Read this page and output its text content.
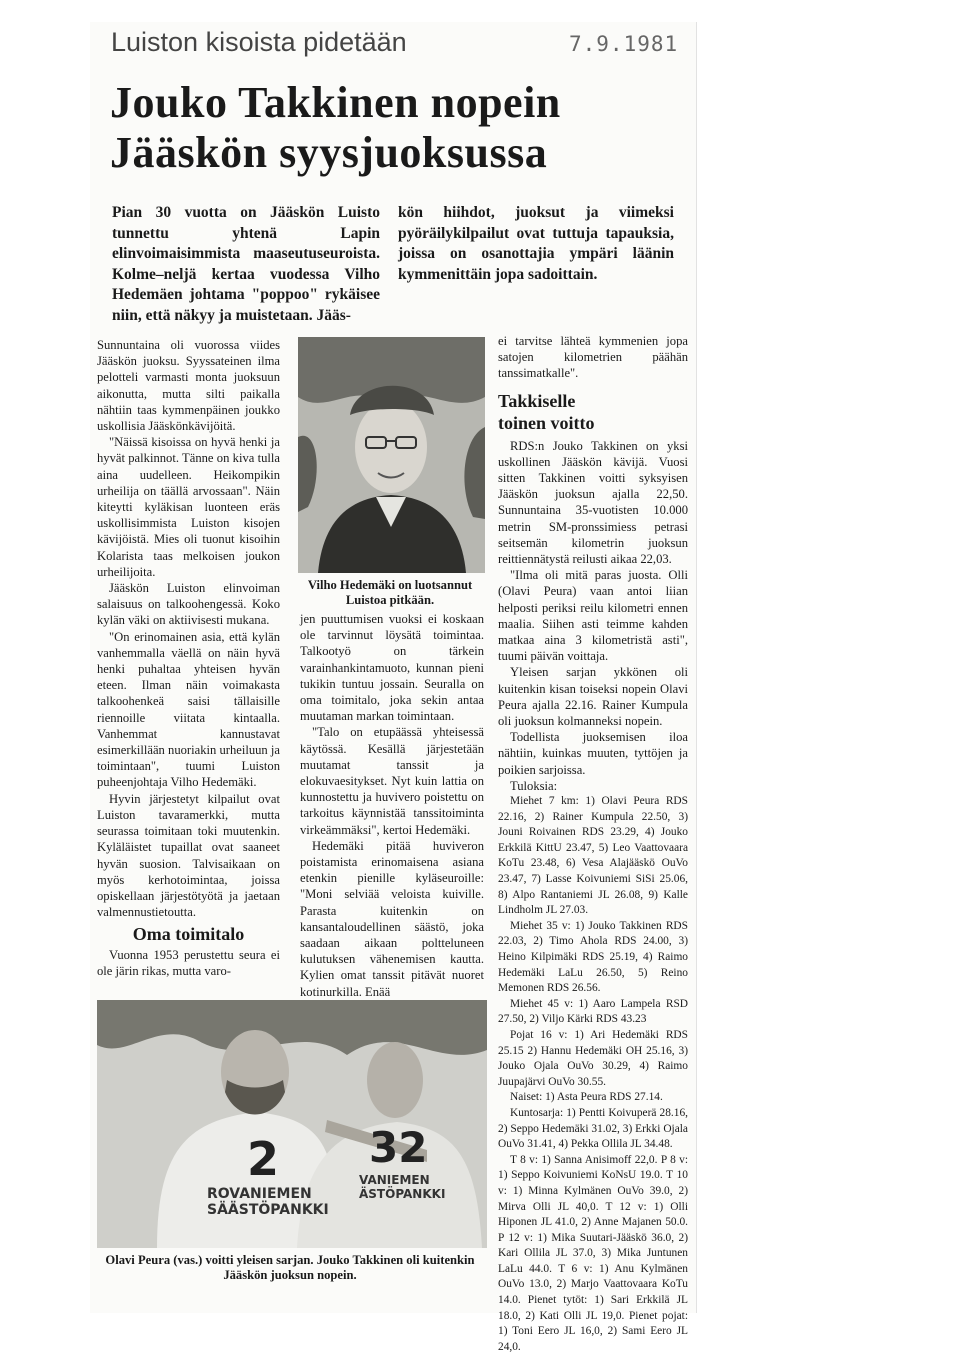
Luiston kisoista pidetään	7.9.1981
Jouko Takkinen nopein
Jääskön syysjuoksussa

Pian 30 vuotta on Jääskön Luisto tunnettu yhtenä Lapin elinvoimaisimmista maaseutuseuroista. Kolme–neljä kertaa vuodessa Vilho Hedemäen johtama "poppoo" rykäisee niin, että näkyy ja muistetaan. Jääs-

kön hiihdot, juoksut ja viimeksi pyöräilykilpailut ovat tuttuja tapauksia, joissa on osanottajia ympäri läänin kymmenittäin jopa sadoittain.

Sunnuntaina oli vuorossa viides Jääskön juoksu. Syyssateinen ilma pelotteli varmasti monta juoksuun aikonutta, mutta silti paikalla nähtiin taas kymmenpäinen joukko uskollisia Jääskönkävijöitä.

"Näissä kisoissa on hyvä henki ja hyvät palkinnot. Tänne on kiva tulla aina uudelleen. Heikompikin urheilija on täällä arvossaan". Näin kiteytti kyläkisan luonteen eräs uskollisimmista Luiston kisojen kävijöistä. Mies oli tuonut kisoihin Kolarista taas melkoisen joukon urheilijoita.

Jääskön Luiston elinvoiman salaisuus on talkoohengessä. Koko kylän väki on aktiivisesti mukana.

"On erinomainen asia, että kylän vanhemmalla väellä on näin hyvä henki puhaltaa yhteisen hyvän eteen. Ilman näin voimakasta talkoohenkeä saisi tällaisille riennoille viitata kintaalla. Vanhemmat kannustavat esimerkillään nuoriakin urheiluun ja toimintaan", tuumi Luiston puheenjohtaja Vilho Hedemäki.

Hyvin järjestetyt kilpailut ovat Luiston tavaramerkki, mutta seurassa toimitaan toki muutenkin. Kyläläistet tupaillat ovat saaneet hyvän suosion. Talvisaikaan on myös kerhotoimintaa, joissa opiskellaan järjestötyötä ja jaetaan valmennustietoutta.

Oma toimitalo

Vuonna 1953 perustettu seura ei ole järin rikas, mutta varo-

Vilho Hedemäki on luotsannut Luistoa pitkään.

jen puuttumisen vuoksi ei koskaan ole tarvinnut löysätä toimintaa. Talkootyö on tärkein varainhankintamuoto, kunnan pieni tukikin tuntuu jossain. Seuralla on oma toimitalo, joka sekin antaa muutaman markan toimintaan.

"Talo on etupäässä yhteisessä käytössä. Kesällä järjestetään muutamat tanssit ja elokuvaesitykset. Nyt kuin lattia on kunnostettu ja huvivero poistettu on tarkoitus käynnistää tanssitoiminta virkeämmäksi", kertoi Hedemäki.

Hedemäki pitää huviveron poistamista erinomaisena asiana etenkin pienille kyläseuroille: "Moni selviää veloista kuiville. Parasta kuitenkin on kansantaloudellinen säästö, joka saadaan aikaan poltteluneen kulutuksen vähenemisen kautta. Kylien omat tanssit pitävät nuoret kotinurkilla. Enää

ei tarvitse lähteä kymmenien jopa satojen kilometrien päähän tanssimatkalle".

Takkiselle
toinen voitto

RDS:n Jouko Takkinen on yksi uskollinen Jääskön kävijä. Vuosi sitten Takkinen voitti syksyisen Jääskön juoksun ajalla 22,50. Sunnuntaina 35-vuotisten 10.000 metrin SM-pronssimiess petrasi seitsemän kilometrin juoksun reittiennätystä reilusti aikaa 22,03.

"Ilma oli mitä paras juosta. Olli (Olavi Peura) vaan antoi liian helposti periksi reilu kilometri ennen maalia. Siihen asti teimme kahden matkaa aina 3 kilometristä asti", tuumi päivän voittaja.

Yleisen sarjan ykkönen oli kuitenkin kisan toiseksi nopein Olavi Peura ajalla 22.16. Rainer Kumpula oli juoksun kolmanneksi nopein.

Todellista juoksemisen iloa nähtiin, kuinkas muuten, tyttöjen ja poikien sarjoissa.

Tuloksia:

Miehet 7 km: 1) Olavi Peura RDS 22.16, 2) Rainer Kumpula 22.50, 3) Jouni Roivainen RDS 23.29, 4) Jouko Erkkilä KittU 23.47, 5) Leo Vaattovaara KoTu 23.48, 6) Vesa Alajääskö OuVo 23.47, 7) Lasse Koivuniemi SiSi 25.06, 8) Alpo Rantaniemi JL 26.08, 9) Kalle Lindholm JL 27.03.

Miehet 35 v: 1) Jouko Takkinen RDS 22.03, 2) Timo Ahola RDS 24.00, 3) Heino Kilpimäki RDS 25.19, 4) Raimo Hedemäki LaLu 26.50, 5) Reino Memonen RDS 26.56.

Miehet 45 v: 1) Aaro Lampela RSD 27.50, 2) Viljo Kärki RDS 43.23

Pojat 16 v: 1) Ari Hedemäki RDS 25.15 2) Hannu Hedemäki OH 25.16, 3) Jouko Ojala OuVo 30.29, 4) Raimo Juupajärvi OuVo 30.55.

Naiset: 1) Asta Peura RDS 27.14.

Kuntosarja: 1) Pentti Koivuperä 28.16, 2) Seppo Hedemäki 31.02, 3) Erkki Ojala OuVo 31.41, 4) Pekka Ollila JL 34.48.

T 8 v: 1) Sanna Anisimoff 22,0. P 8 v: 1) Seppo Koivuniemi KoNsU 19.0. T 10 v: 1) Minna Kylmänen OuVo 39.0, 2) Mirva Olli JL 40,0. T 12 v: 1) Olli Hiponen JL 41.0, 2) Anne Majanen 50.0. P 12 v: 1) Mika Suutari-Jääskö 36.0, 2) Kari Ollila JL 37.0, 3) Mika Juntunen LaLu 44.0. T 6 v: 1) Anu Kylmänen OuVo 13.0, 2) Marjo Vaattovaara KoTu 14.0. Pienet tytöt: 1) Sari Erkkilä JL 18.0, 2) Kati Olli JL 19,0. Pienet pojat: 1) Toni Eero JL 16,0, 2) Sami Eero JL 24,0.

2
ROVANIEMEN
SÄÄSTÖPANKKI
32
VANIEMEN
ÄSTÖPANKKI

Olavi Peura (vas.) voitti yleisen sarjan. Jouko Takkinen oli kuitenkin Jääskön juoksun nopein.
